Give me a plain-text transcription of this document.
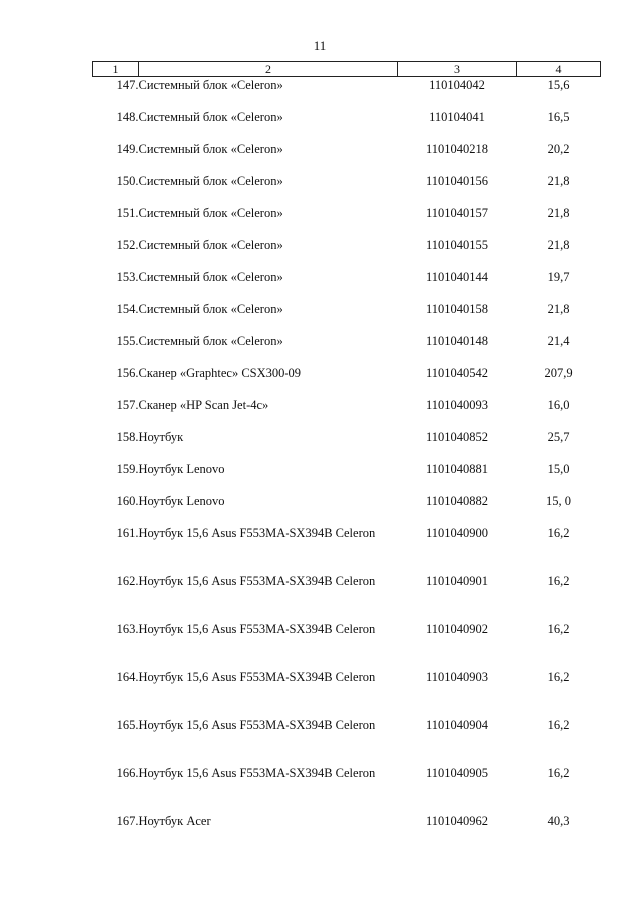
11
1	2	3	4
147.	Системный блок «Celeron»	110104042	15,6
148.	Системный блок «Celeron»	110104041	16,5
149.	Системный блок «Celeron»	1101040218	20,2
150.	Системный блок «Celeron»	1101040156	21,8
151.	Системный блок «Celeron»	1101040157	21,8
152.	Системный блок «Celeron»	1101040155	21,8
153.	Системный блок «Celeron»	1101040144	19,7
154.	Системный блок «Celeron»	1101040158	21,8
155.	Системный блок «Celeron»	1101040148	21,4
156.	Сканер «Graphtec» CSX300-09	1101040542	207,9
157.	Сканер «HP Scan Jet-4c»	1101040093	16,0
158.	Ноутбук	1101040852	25,7
159.	Ноутбук Lenovo	1101040881	15,0
160.	Ноутбук Lenovo	1101040882	15, 0
161.	Ноутбук 15,6 Asus F553MA-SX394B Celeron	1101040900	16,2
162.	Ноутбук 15,6 Asus F553MA-SX394B Celeron	1101040901	16,2
163.	Ноутбук 15,6 Asus F553MA-SX394B Celeron	1101040902	16,2
164.	Ноутбук 15,6 Asus F553MA-SX394B Celeron	1101040903	16,2
165.	Ноутбук 15,6 Asus F553MA-SX394B Celeron	1101040904	16,2
166.	Ноутбук 15,6 Asus F553MA-SX394B Celeron	1101040905	16,2
167.	Ноутбук Acer	1101040962	40,3
